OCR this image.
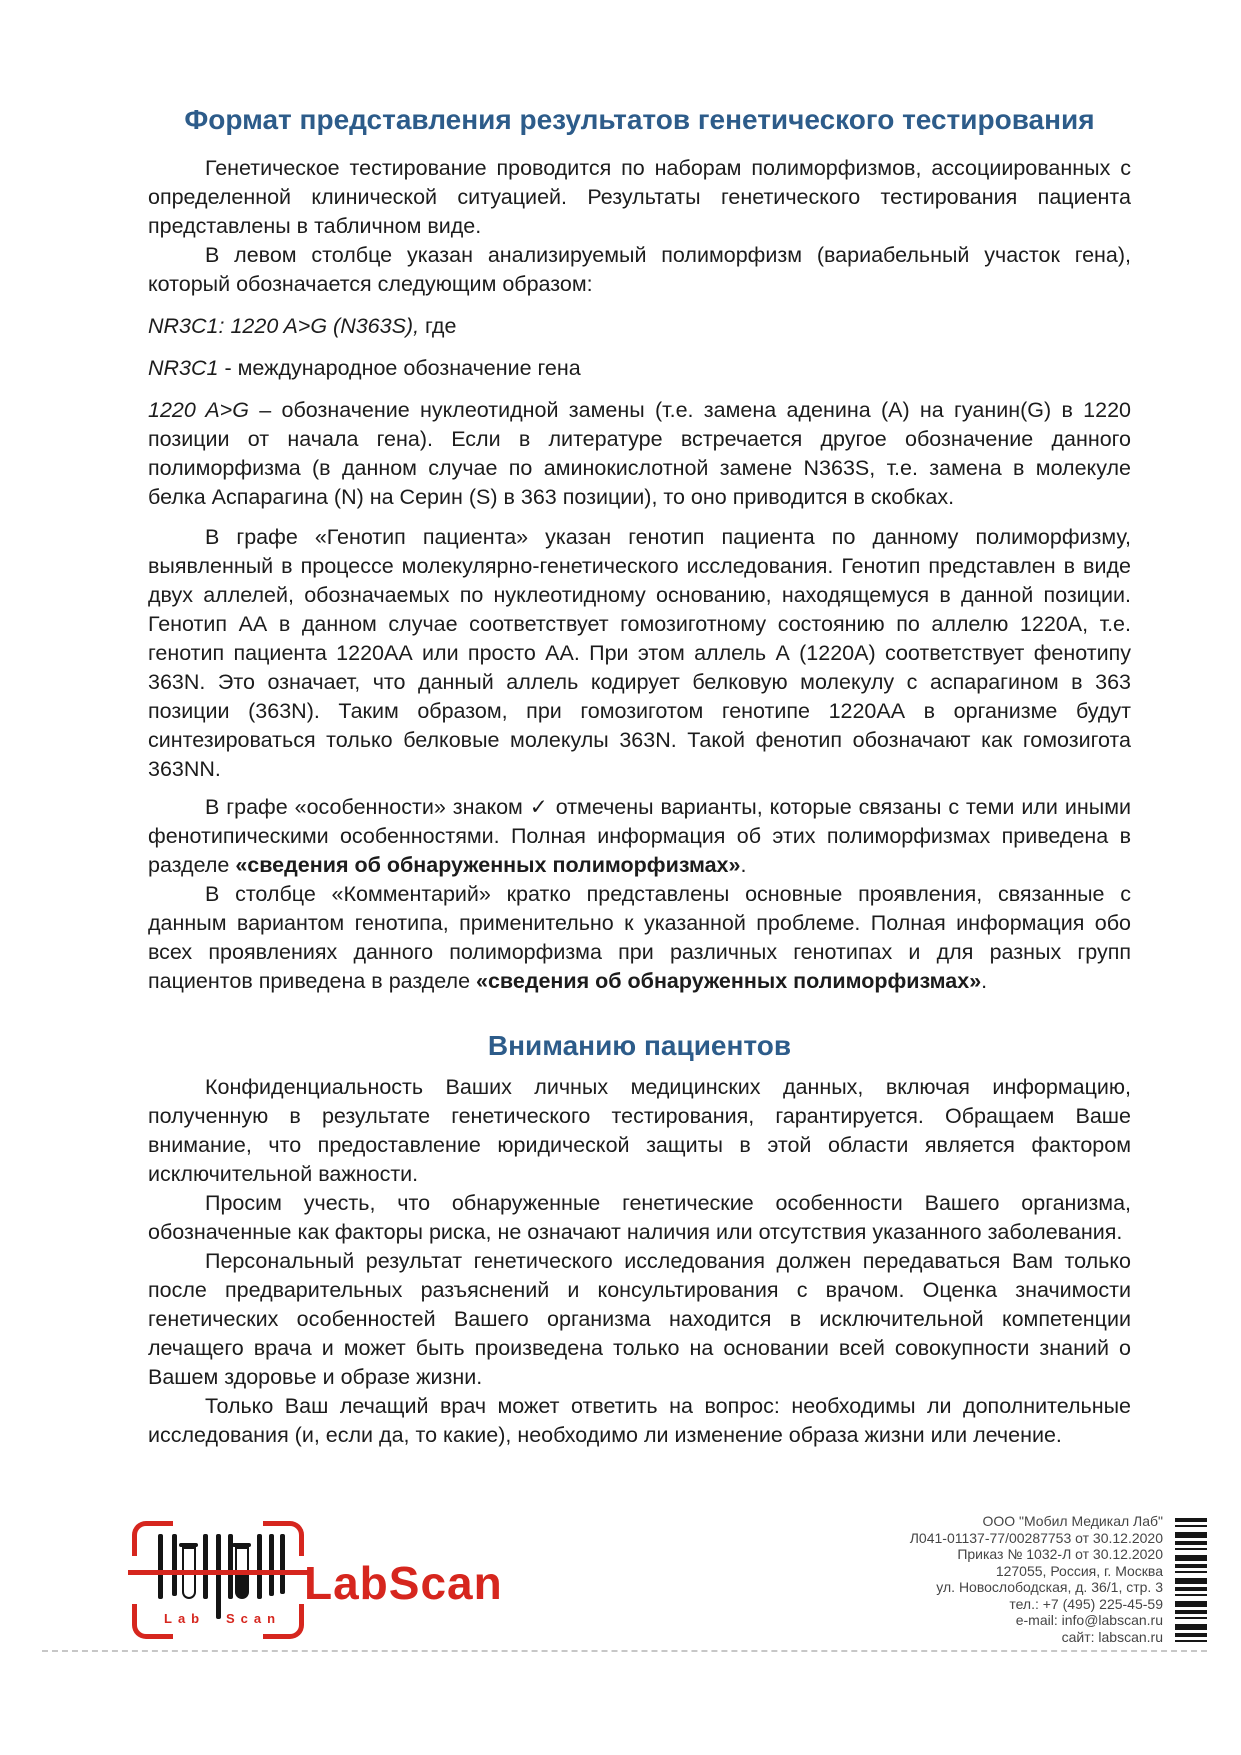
Формат представления результатов генетического тестирования

Генетическое тестирование проводится по наборам полиморфизмов, ассоциированных с определенной клинической ситуацией. Результаты генетического тестирования пациента представлены в табличном виде.

В левом столбце указан анализируемый полиморфизм (вариабельный участок гена), который обозначается следующим образом:

NR3C1: 1220 A>G (N363S), где

NR3C1 - международное обозначение гена

1220 A>G – обозначение нуклеотидной замены (т.е. замена аденина (А) на гуанин(G) в 1220 позиции от начала гена). Если в литературе встречается другое обозначение данного полиморфизма (в данном случае по аминокислотной замене N363S, т.е. замена в молекуле белка Аспарагина (N) на Серин (S) в 363 позиции), то оно приводится в скобках.

В графе «Генотип пациента» указан генотип пациента по данному полиморфизму, выявленный в процессе молекулярно-генетического исследования. Генотип представлен в виде двух аллелей, обозначаемых по нуклеотидному основанию, находящемуся в данной позиции. Генотип АА в данном случае соответствует гомозиготному состоянию по аллелю 1220А, т.е. генотип пациента 1220АА или просто АА. При этом аллель А (1220А) соответствует фенотипу 363N. Это означает, что данный аллель кодирует белковую молекулу с аспарагином в 363 позиции (363N). Таким образом, при гомозиготом генотипе 1220АА в организме будут синтезироваться только белковые молекулы 363N. Такой фенотип обозначают как гомозигота 363NN.

В графе «особенности» знаком ✓ отмечены варианты, которые связаны с теми или иными фенотипическими особенностями. Полная информация об этих полиморфизмах приведена в разделе «сведения об обнаруженных полиморфизмах».

В столбце «Комментарий» кратко представлены основные проявления, связанные с данным вариантом генотипа, применительно к указанной проблеме. Полная информация обо всех проявлениях данного полиморфизма при различных генотипах и для разных групп пациентов приведена в разделе «сведения об обнаруженных полиморфизмах».

Вниманию пациентов

Конфиденциальность Ваших личных медицинских данных, включая информацию, полученную в результате генетического тестирования, гарантируется. Обращаем Ваше внимание, что предоставление юридической защиты в этой области является фактором исключительной важности.

Просим учесть, что обнаруженные генетические особенности Вашего организма, обозначенные как факторы риска, не означают наличия или отсутствия указанного заболевания.

Персональный результат генетического исследования должен передаваться Вам только после предварительных разъяснений и консультирования с врачом. Оценка значимости генетических особенностей Вашего организма находится в исключительной компетенции лечащего врача и может быть произведена только на основании всей совокупности знаний о Вашем здоровье и образе жизни.

Только Ваш лечащий врач может ответить на вопрос: необходимы ли дополнительные исследования (и, если да, то какие), необходимо ли изменение образа жизни или лечение.

Lab Scan
LabScan
ООО "Мобил Медикал Лаб"
Л041-01137-77/00287753 от 30.12.2020
Приказ № 1032-Л от 30.12.2020
127055, Россия, г. Москва
ул. Новослободская, д. 36/1, стр. 3
тел.: +7 (495) 225-45-59
e-mail: info@labscan.ru
сайт: labscan.ru
